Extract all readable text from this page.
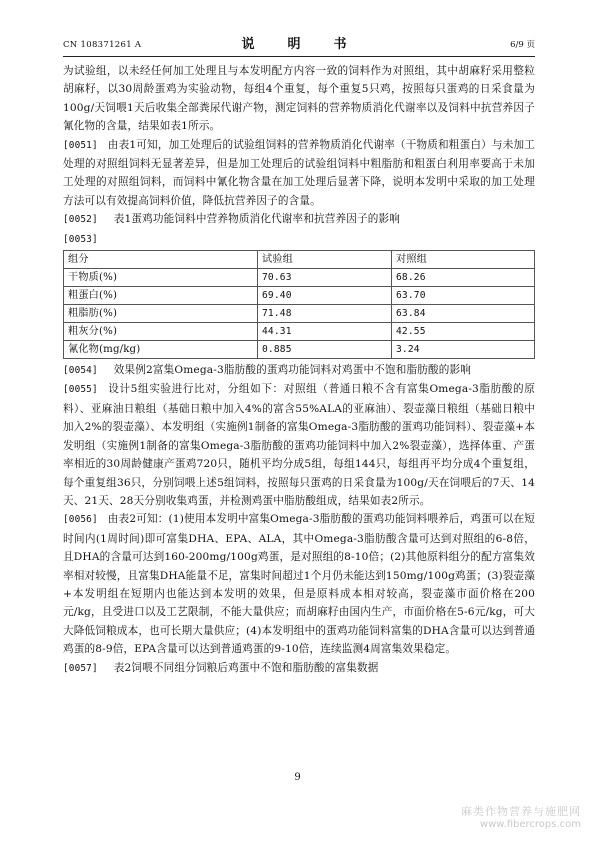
CN 108371261 A	说　明　书	6/9 页

为试验组，以未经任何加工处理且与本发明配方内容一致的饲料作为对照组，其中胡麻籽采用整粒胡麻籽，以30周龄蛋鸡为实验动物，每组4个重复，每个重复5只鸡，按照每只蛋鸡的日采食量为100g/天饲喂1天后收集全部粪尿代谢产物，测定饲料的营养物质消化代谢率以及饲料中抗营养因子氰化物的含量，结果如表1所示。

[0051] 由表1可知，加工处理后的试验组饲料的营养物质消化代谢率（干物质和粗蛋白）与未加工处理的对照组饲料无显著差异，但是加工处理后的试验组饲料中粗脂肪和粗蛋白利用率要高于未加工处理的对照组饲料，而饲料中氰化物含量在加工处理后显著下降，说明本发明中采取的加工处理方法可以有效提高饲料价值，降低抗营养因子的含量。

[0052] 表1蛋鸡功能饲料中营养物质消化代谢率和抗营养因子的影响

[0053]

组分	试验组	对照组
干物质(%)	70.63	68.26
粗蛋白(%)	69.40	63.70
粗脂肪(%)	71.48	63.84
粗灰分(%)	44.31	42.55
氰化物(mg/kg)	0.885	3.24

[0054] 效果例2富集Omega-3脂肪酸的蛋鸡功能饲料对鸡蛋中不饱和脂肪酸的影响

[0055] 设计5组实验进行比对，分组如下：对照组（普通日粮不含有富集Omega-3脂肪酸的原料）、亚麻油日粮组（基础日粮中加入4%的富含55%ALA的亚麻油）、裂壶藻日粮组（基础日粮中加入2%的裂壶藻）、本发明组（实施例1制备的富集Omega-3脂肪酸的蛋鸡功能饲料）、裂壶藻+本发明组（实施例1制备的富集Omega-3脂肪酸的蛋鸡功能饲料中加入2%裂壶藻），选择体重、产蛋率相近的30周龄健康产蛋鸡720只，随机平均分成5组，每组144只，每组再平均分成4个重复组，每个重复组36只，分别饲喂上述5组饲料，按照每只蛋鸡的日采食量为100g/天在饲喂后的7天、14天、21天、28天分别收集鸡蛋，并检测鸡蛋中脂肪酸组成，结果如表2所示。

[0056] 由表2可知：(1)使用本发明中富集Omega-3脂肪酸的蛋鸡功能饲料喂养后，鸡蛋可以在短时间内(1周时间)即可富集DHA、EPA、ALA，其中Omega-3脂肪酸含量可达到对照组的6-8倍，且DHA的含量可达到160-200mg/100g鸡蛋，是对照组的8-10倍；(2)其他原料组分的配方富集效率相对较慢，且富集DHA能量不足，富集时间超过1个月仍未能达到150mg/100g鸡蛋；(3)裂壶藻+本发明组在短期内也能达到本发明的效果，但是原料成本相对较高，裂壶藻市面价格在200元/kg，且受进口以及工艺限制，不能大量供应；而胡麻籽由国内生产，市面价格在5-6元/kg，可大大降低饲粮成本，也可长期大量供应；(4)本发明组中的蛋鸡功能饲料富集的DHA含量可以达到普通鸡蛋的8-9倍，EPA含量可以达到普通鸡蛋的9-10倍，连续监测4周富集效果稳定。

[0057] 表2饲喂不同组分饲粮后鸡蛋中不饱和脂肪酸的富集数据

9
麻类作物营养与施肥网
www.fibercrops.com
